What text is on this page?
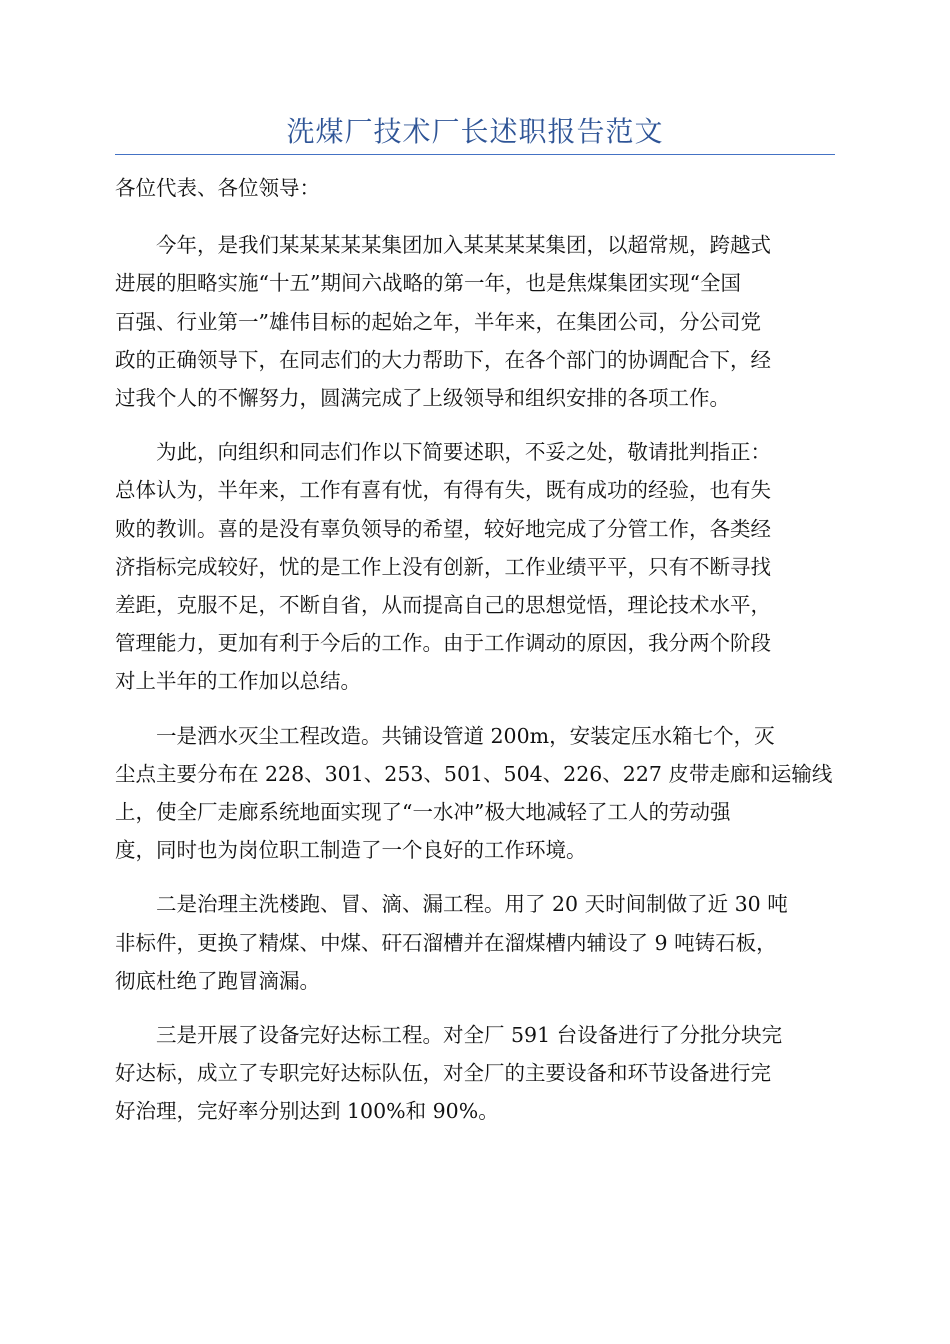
洗煤厂技术厂长述职报告范文

各位代表、各位领导：

今年，是我们某某某某某集团加入某某某某集团，以超常规，跨越式
进展的胆略实施“十五”期间六战略的第一年，也是焦煤集团实现“全国
百强、行业第一”雄伟目标的起始之年，半年来，在集团公司，分公司党
政的正确领导下，在同志们的大力帮助下，在各个部门的协调配合下，经
过我个人的不懈努力，圆满完成了上级领导和组织安排的各项工作。

为此，向组织和同志们作以下简要述职，不妥之处，敬请批判指正：
总体认为，半年来，工作有喜有忧，有得有失，既有成功的经验，也有失
败的教训。喜的是没有辜负领导的希望，较好地完成了分管工作，各类经
济指标完成较好，忧的是工作上没有创新，工作业绩平平，只有不断寻找
差距，克服不足，不断自省，从而提高自己的思想觉悟，理论技术水平，
管理能力，更加有利于今后的工作。由于工作调动的原因，我分两个阶段
对上半年的工作加以总结。

一是洒水灭尘工程改造。共铺设管道 200m，安装定压水箱七个，灭
尘点主要分布在 228、301、253、501、504、226、227 皮带走廊和运输线
上，使全厂走廊系统地面实现了“一水冲”极大地减轻了工人的劳动强
度，同时也为岗位职工制造了一个良好的工作环境。

二是治理主洗楼跑、冒、滴、漏工程。用了 20 天时间制做了近 30 吨
非标件，更换了精煤、中煤、矸石溜槽并在溜煤槽内辅设了 9 吨铸石板，
彻底杜绝了跑冒滴漏。

三是开展了设备完好达标工程。对全厂 591 台设备进行了分批分块完
好达标，成立了专职完好达标队伍，对全厂的主要设备和环节设备进行完
好治理，完好率分别达到 100%和 90%。
